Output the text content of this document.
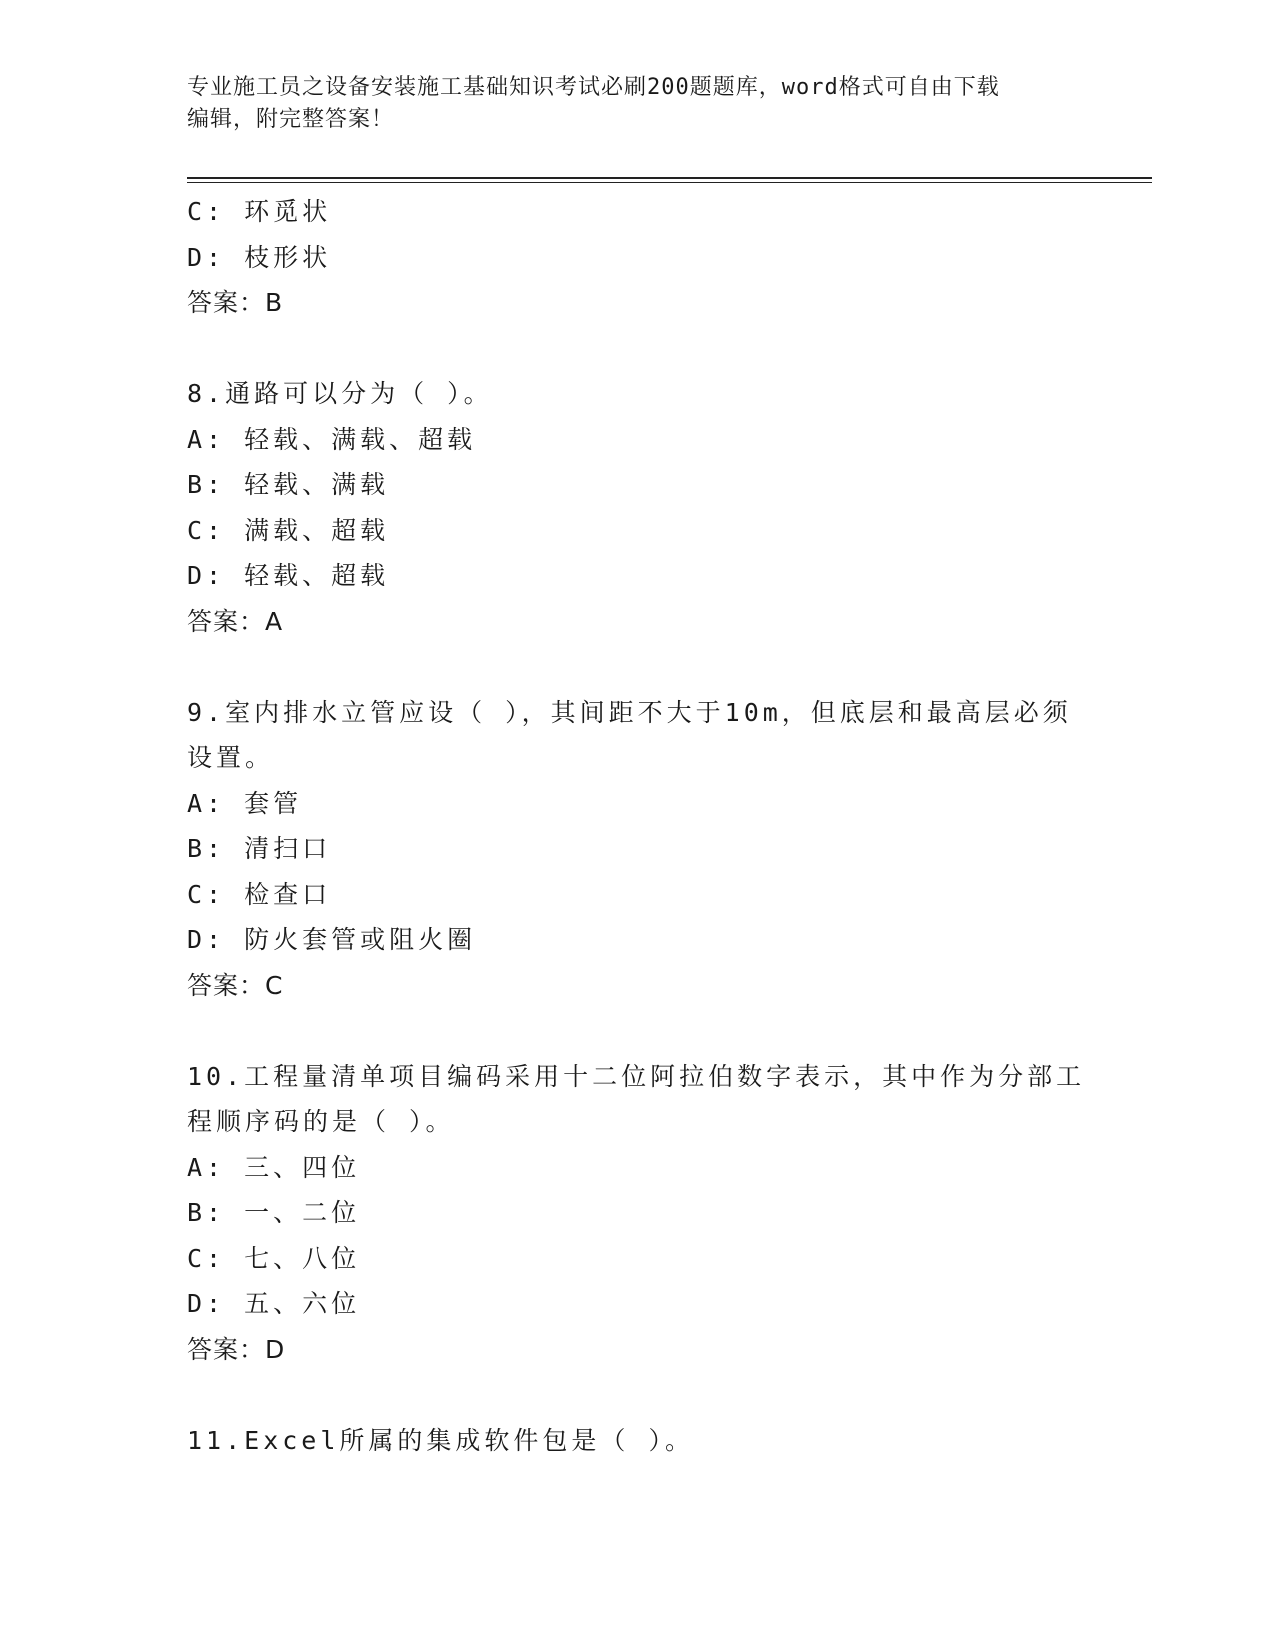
专业施工员之设备安装施工基础知识考试必刷200题题库，word格式可自由下载
编辑，附完整答案！
C: 环觅状
D: 枝形状
答案：B
8.通路可以分为（ ）。
A: 轻载、满载、超载
B: 轻载、满载
C: 满载、超载
D: 轻载、超载
答案：A
9.室内排水立管应设（ ），其间距不大于10m，但底层和最高层必须
设置。
A: 套管
B: 清扫口
C: 检查口
D: 防火套管或阻火圈
答案：C
10.工程量清单项目编码采用十二位阿拉伯数字表示，其中作为分部工
程顺序码的是（ ）。
A: 三、四位
B: 一、二位
C: 七、八位
D: 五、六位
答案：D
11.Excel所属的集成软件包是（ ）。
